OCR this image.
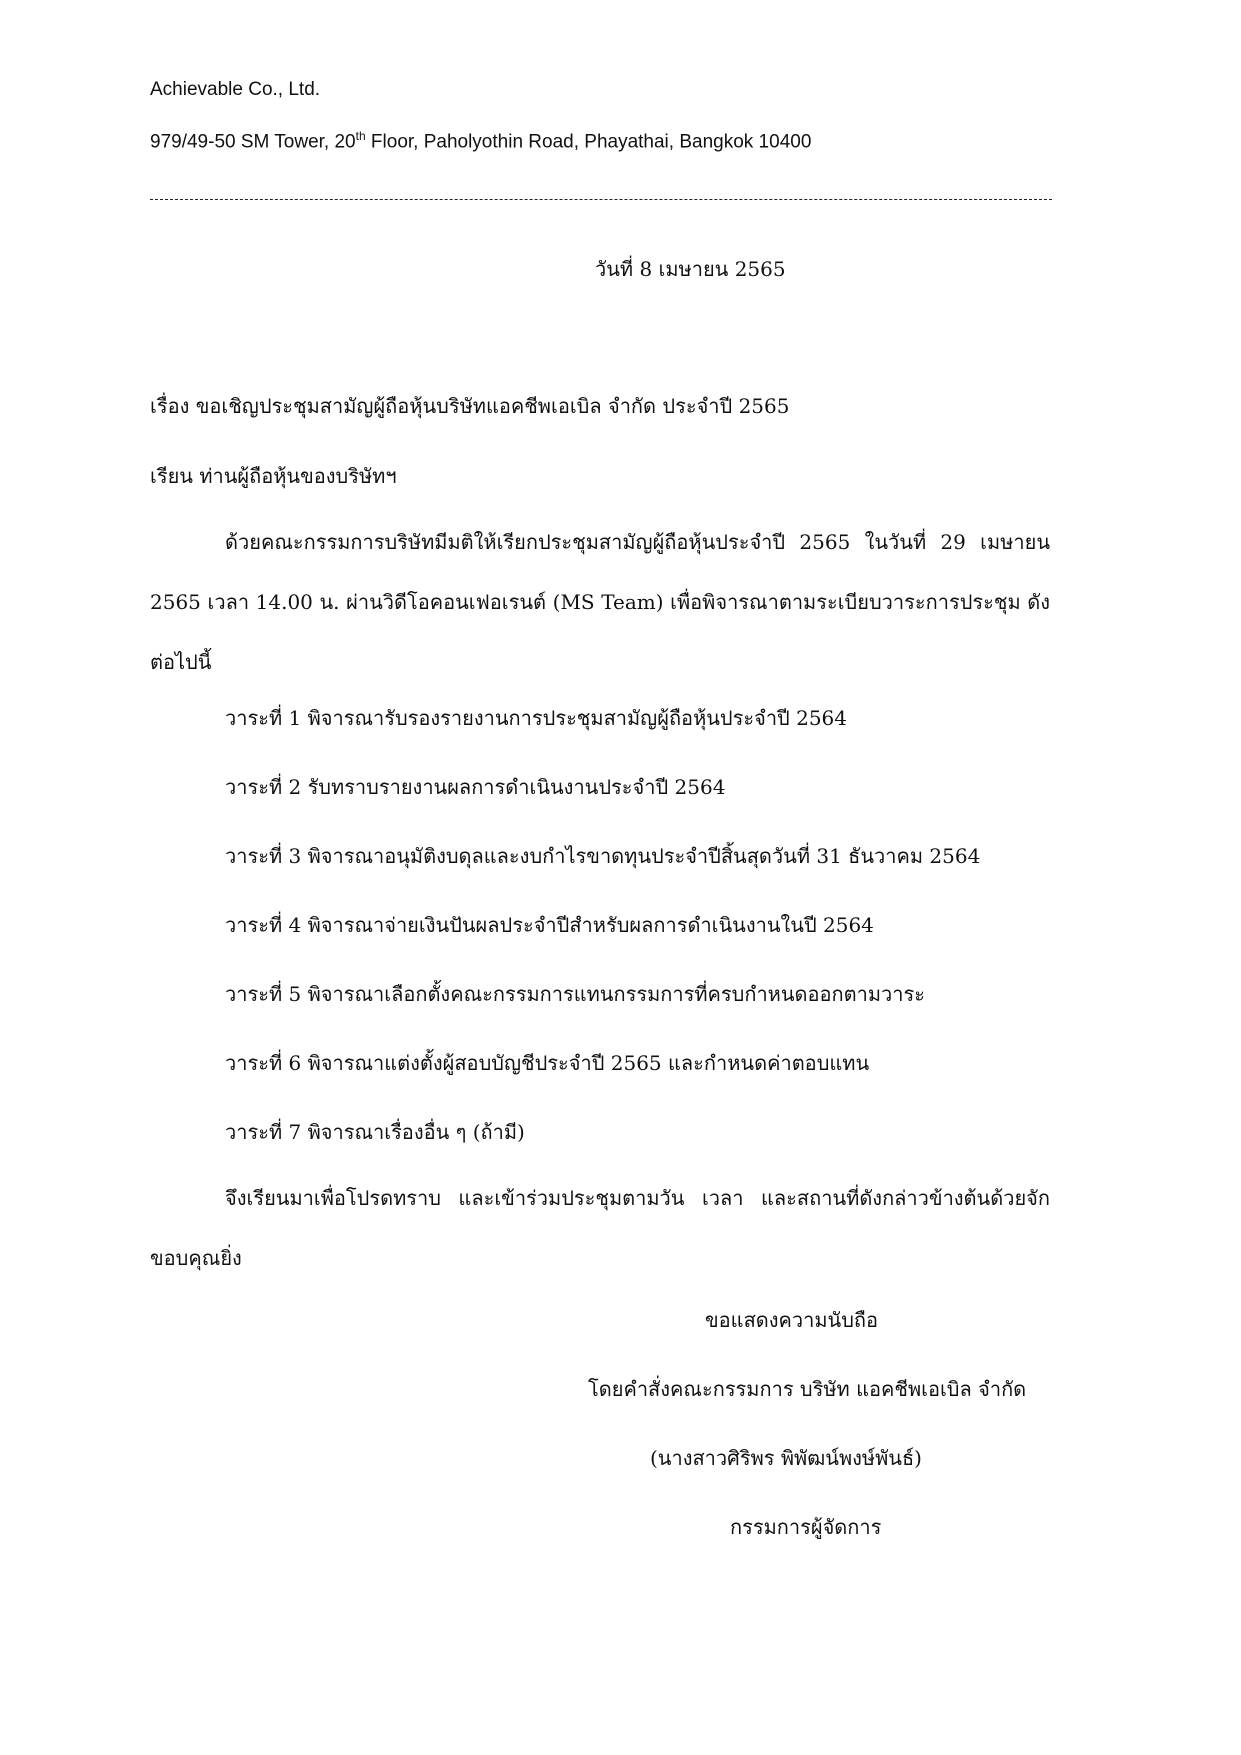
Achievable Co., Ltd.

979/49-50 SM Tower, 20th Floor, Paholyothin Road, Phayathai, Bangkok 10400

วันที่ 8 เมษายน 2565

เรื่อง ขอเชิญประชุมสามัญผู้ถือหุ้นบริษัทแอคชีพเอเบิล จำกัด ประจำปี 2565

เรียน ท่านผู้ถือหุ้นของบริษัทฯ

ด้วยคณะกรรมการบริษัทมีมติให้เรียกประชุมสามัญผู้ถือหุ้นประจำปี 2565 ในวันที่ 29 เมษายน 2565 เวลา 14.00 น. ผ่านวิดีโอคอนเฟอเรนต์ (MS Team) เพื่อพิจารณาตามระเบียบวาระการประชุม ดังต่อไปนี้

วาระที่ 1 พิจารณารับรองรายงานการประชุมสามัญผู้ถือหุ้นประจำปี 2564

วาระที่ 2 รับทราบรายงานผลการดำเนินงานประจำปี 2564

วาระที่ 3 พิจารณาอนุมัติงบดุลและงบกำไรขาดทุนประจำปีสิ้นสุดวันที่ 31 ธันวาคม 2564

วาระที่ 4 พิจารณาจ่ายเงินปันผลประจำปีสำหรับผลการดำเนินงานในปี 2564

วาระที่ 5 พิจารณาเลือกตั้งคณะกรรมการแทนกรรมการที่ครบกำหนดออกตามวาระ

วาระที่ 6 พิจารณาแต่งตั้งผู้สอบบัญชีประจำปี 2565 และกำหนดค่าตอบแทน

วาระที่ 7 พิจารณาเรื่องอื่น ๆ (ถ้ามี)

จึงเรียนมาเพื่อโปรดทราบ และเข้าร่วมประชุมตามวัน เวลา และสถานที่ดังกล่าวข้างต้นด้วยจัก ขอบคุณยิ่ง

ขอแสดงความนับถือ

โดยคำสั่งคณะกรรมการ บริษัท แอคชีพเอเบิล จำกัด

(นางสาวศิริพร พิพัฒน์พงษ์พันธ์)

กรรมการผู้จัดการ
